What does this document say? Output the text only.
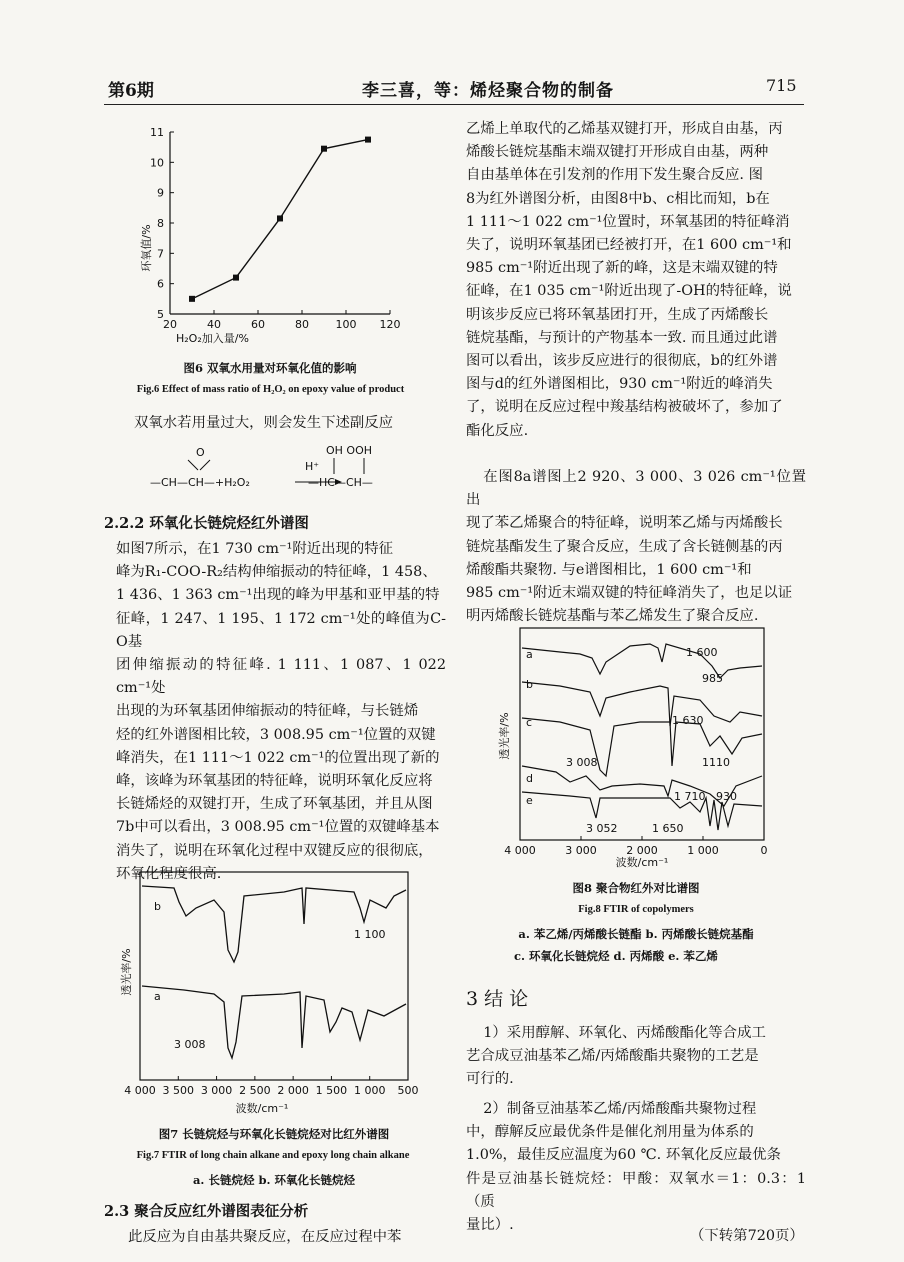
第6期	李三喜，等：烯烃聚合物的制备	715
20	40	60	80 100 120
5
6
7
8
9
10
11
H₂O₂加入量/%
环氧值/%
图6 双氧水用量对环氧化值的影响
Fig.6 Effect of mass ratio of H₂O₂ on epoxy value of product
双氧水若用量过大，则会发生下述副反应
O
—CH—CH—+H₂O₂
H⁺
OH OOH
—HC—CH—
2.2.2 环氧化长链烷烃红外谱图
如图7所示，在1 730 cm⁻¹附近出现的特征
峰为R₁-COO-R₂结构伸缩振动的特征峰，1 458、
1 436、1 363 cm⁻¹出现的峰为甲基和亚甲基的特
征峰，1 247、1 195、1 172 cm⁻¹处的峰值为C-O基
团伸缩振动的特征峰. 1 111、1 087、1 022 cm⁻¹处
出现的为环氧基团伸缩振动的特征峰，与长链烯
烃的红外谱图相比较，3 008.95 cm⁻¹位置的双键
峰消失，在1 111～1 022 cm⁻¹的位置出现了新的
峰，该峰为环氧基团的特征峰，说明环氧化反应将
长链烯烃的双键打开，生成了环氧基团，并且从图
7b中可以看出，3 008.95 cm⁻¹位置的双键峰基本
消失了，说明在环氧化过程中双键反应的很彻底，
环氧化程度很高.
4 000 3 500 3 000 2 500 2 000 1 500 1 000 500
b
a
1 100
3 008
波数/cm⁻¹
透光率/%
图7 长链烷烃与环氧化长链烷烃对比红外谱图
Fig.7 FTIR of long chain alkane and epoxy long chain alkane
a. 长链烷烃 b. 环氧化长链烷烃
2.3 聚合反应红外谱图表征分析
此反应为自由基共聚反应，在反应过程中苯
乙烯上单取代的乙烯基双键打开，形成自由基，丙
烯酸长链烷基酯末端双键打开形成自由基，两种
自由基单体在引发剂的作用下发生聚合反应. 图
8为红外谱图分析，由图8中b、c相比而知，b在
1 111～1 022 cm⁻¹位置时，环氧基团的特征峰消
失了，说明环氧基团已经被打开，在1 600 cm⁻¹和
985 cm⁻¹附近出现了新的峰，这是末端双键的特
征峰，在1 035 cm⁻¹附近出现了-OH的特征峰，说
明该步反应已将环氧基团打开，生成了丙烯酸长
链烷基酯，与预计的产物基本一致. 而且通过此谱
图可以看出，该步反应进行的很彻底，b的红外谱
图与d的红外谱图相比，930 cm⁻¹附近的峰消失
了，说明在反应过程中羧基结构被破坏了，参加了
酯化反应.
在图8a谱图上2 920、3 000、3 026 cm⁻¹位置出
现了苯乙烯聚合的特征峰，说明苯乙烯与丙烯酸长
链烷基酯发生了聚合反应，生成了含长链侧基的丙
烯酸酯共聚物. 与e谱图相比，1 600 cm⁻¹和
985 cm⁻¹附近末端双键的特征峰消失了，也足以证
明丙烯酸长链烷基酯与苯乙烯发生了聚合反应.
4 000	3 000	2 000	1 000	0
a
b
c
d
e
1 600
985
1 630
3 008	1110
1 710 930
3 052	1 650
波数/cm⁻¹
透光率/%
图8 聚合物红外对比谱图
Fig.8 FTIR of copolymers
a. 苯乙烯/丙烯酸长链酯 b. 丙烯酸长链烷基酯
c. 环氧化长链烷烃 d. 丙烯酸 e. 苯乙烯
3 结 论
1）采用醇解、环氧化、丙烯酸酯化等合成工
艺合成豆油基苯乙烯/丙烯酸酯共聚物的工艺是
可行的.
2）制备豆油基苯乙烯/丙烯酸酯共聚物过程
中，醇解反应最优条件是催化剂用量为体系的
1.0%，最佳反应温度为60 ℃. 环氧化反应最优条
件是豆油基长链烷烃：甲酸：双氧水＝1：0.3：1（质
量比）.
（下转第720页）
